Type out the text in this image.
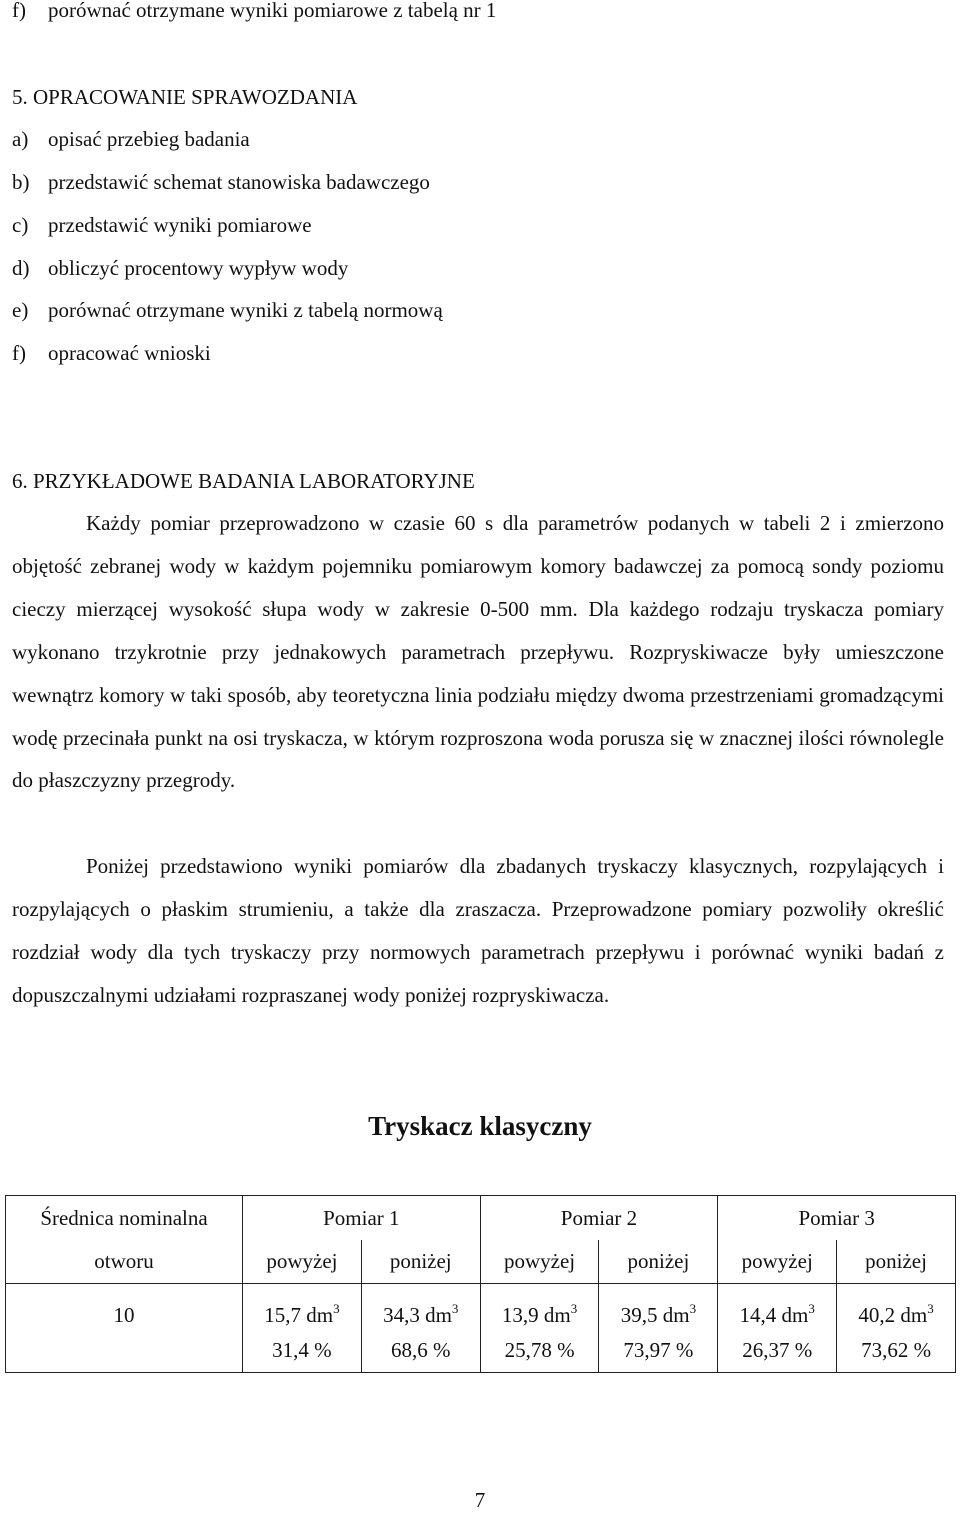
f) porównać otrzymane wyniki pomiarowe z tabelą nr 1
5. OPRACOWANIE SPRAWOZDANIA
a) opisać przebieg badania
b) przedstawić schemat stanowiska badawczego
c) przedstawić wyniki pomiarowe
d) obliczyć procentowy wypływ wody
e) porównać otrzymane wyniki z tabelą normową
f) opracować wnioski
6. PRZYKŁADOWE BADANIA LABORATORYJNE
Każdy pomiar przeprowadzono w czasie 60 s dla parametrów podanych w tabeli 2 i zmierzono objętość zebranej wody w każdym pojemniku pomiarowym komory badawczej za pomocą sondy poziomu cieczy mierzącej wysokość słupa wody w zakresie 0-500 mm. Dla każdego rodzaju tryskacza pomiary wykonano trzykrotnie przy jednakowych parametrach przepływu. Rozpryskiwacze były umieszczone wewnątrz komory w taki sposób, aby teoretyczna linia podziału między dwoma przestrzeniami gromadzącymi wodę przecinała punkt na osi tryskacza, w którym rozproszona woda porusza się w znacznej ilości równolegle do płaszczyzny przegrody.
Poniżej przedstawiono wyniki pomiarów dla zbadanych tryskaczy klasycznych, rozpylających i rozpylających o płaskim strumieniu, a także dla zraszacza. Przeprowadzone pomiary pozwoliły określić rozdział wody dla tych tryskaczy przy normowych parametrach przepływu i porównać wyniki badań z dopuszczalnymi udziałami rozpraszanej wody poniżej rozpryskiwacza.
Tryskacz klasyczny
Średnica nominalna	Pomiar 1		Pomiar 2		Pomiar 3	
otworu	powyżej	poniżej	powyżej	poniżej	powyżej	poniżej
10	15,7 $dm^3$	34,3 $dm^3$	13,9 $dm^3$	39,5 $dm^3$	14,4 $dm^3$	40,2 $dm^3$
	31,4 %	68,6 %	25,78 %	73,97 %	26,37 %	73,62 %
7
